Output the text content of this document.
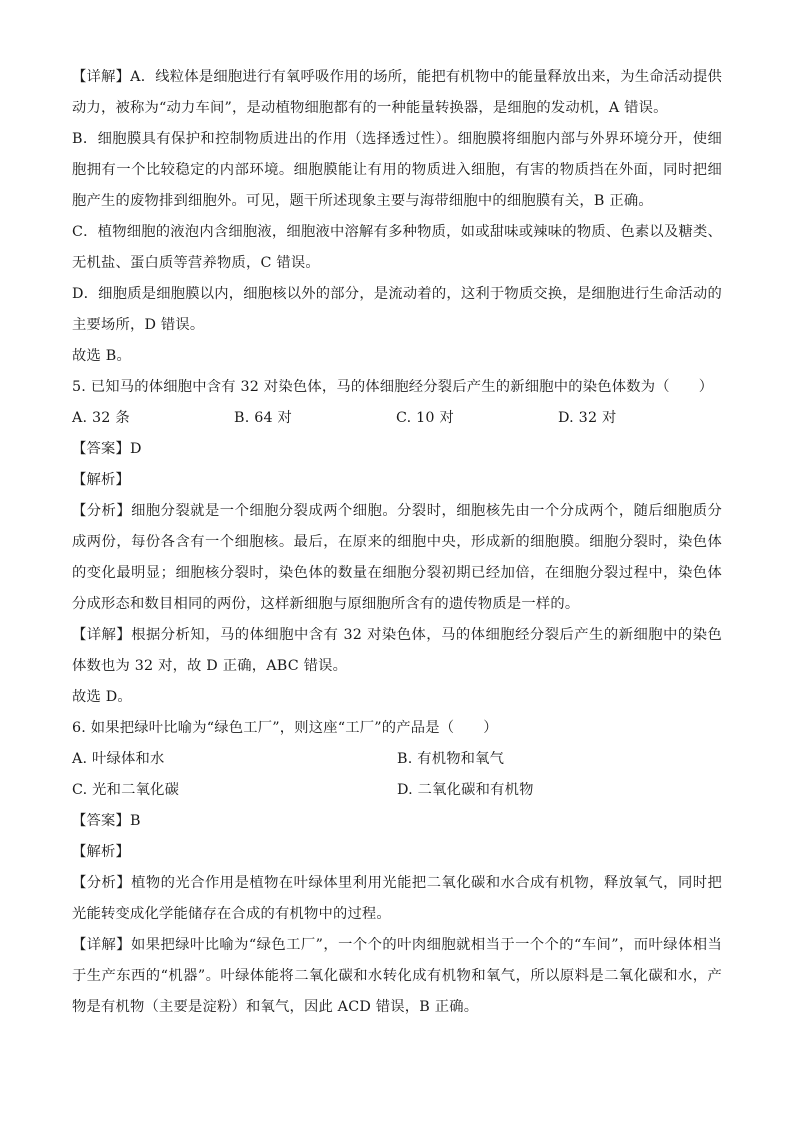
【详解】A．线粒体是细胞进行有氧呼吸作用的场所，能把有机物中的能量释放出来，为生命活动提供动力，被称为“动力车间”，是动植物细胞都有的一种能量转换器，是细胞的发动机，A 错误。

B．细胞膜具有保护和控制物质进出的作用（选择透过性）。细胞膜将细胞内部与外界环境分开，使细胞拥有一个比较稳定的内部环境。细胞膜能让有用的物质进入细胞，有害的物质挡在外面，同时把细胞产生的废物排到细胞外。可见，题干所述现象主要与海带细胞中的细胞膜有关，B 正确。

C．植物细胞的液泡内含细胞液，细胞液中溶解有多种物质，如或甜味或辣味的物质、色素以及糖类、无机盐、蛋白质等营养物质，C 错误。

D．细胞质是细胞膜以内，细胞核以外的部分，是流动着的，这利于物质交换，是细胞进行生命活动的主要场所，D 错误。

故选 B。

5. 已知马的体细胞中含有 32 对染色体，马的体细胞经分裂后产生的新细胞中的染色体数为（　　）

A. 32 条	B. 64 对	C. 10 对	D. 32 对

【答案】D

【解析】

【分析】细胞分裂就是一个细胞分裂成两个细胞。分裂时，细胞核先由一个分成两个，随后细胞质分成两份，每份各含有一个细胞核。最后，在原来的细胞中央，形成新的细胞膜。细胞分裂时，染色体的变化最明显；细胞核分裂时，染色体的数量在细胞分裂初期已经加倍，在细胞分裂过程中，染色体分成形态和数目相同的两份，这样新细胞与原细胞所含有的遗传物质是一样的。

【详解】根据分析知，马的体细胞中含有 32 对染色体，马的体细胞经分裂后产生的新细胞中的染色体数也为 32 对，故 D 正确，ABC 错误。

故选 D。

6. 如果把绿叶比喻为“绿色工厂”，则这座“工厂”的产品是（　　）

A. 叶绿体和水	B. 有机物和氧气
C. 光和二氧化碳	D. 二氧化碳和有机物

【答案】B

【解析】

【分析】植物的光合作用是植物在叶绿体里利用光能把二氧化碳和水合成有机物，释放氧气，同时把光能转变成化学能储存在合成的有机物中的过程。

【详解】如果把绿叶比喻为“绿色工厂”，一个个的叶肉细胞就相当于一个个的“车间”，而叶绿体相当于生产东西的“机器”。叶绿体能将二氧化碳和水转化成有机物和氧气，所以原料是二氧化碳和水，产物是有机物（主要是淀粉）和氧气，因此 ACD 错误，B 正确。
